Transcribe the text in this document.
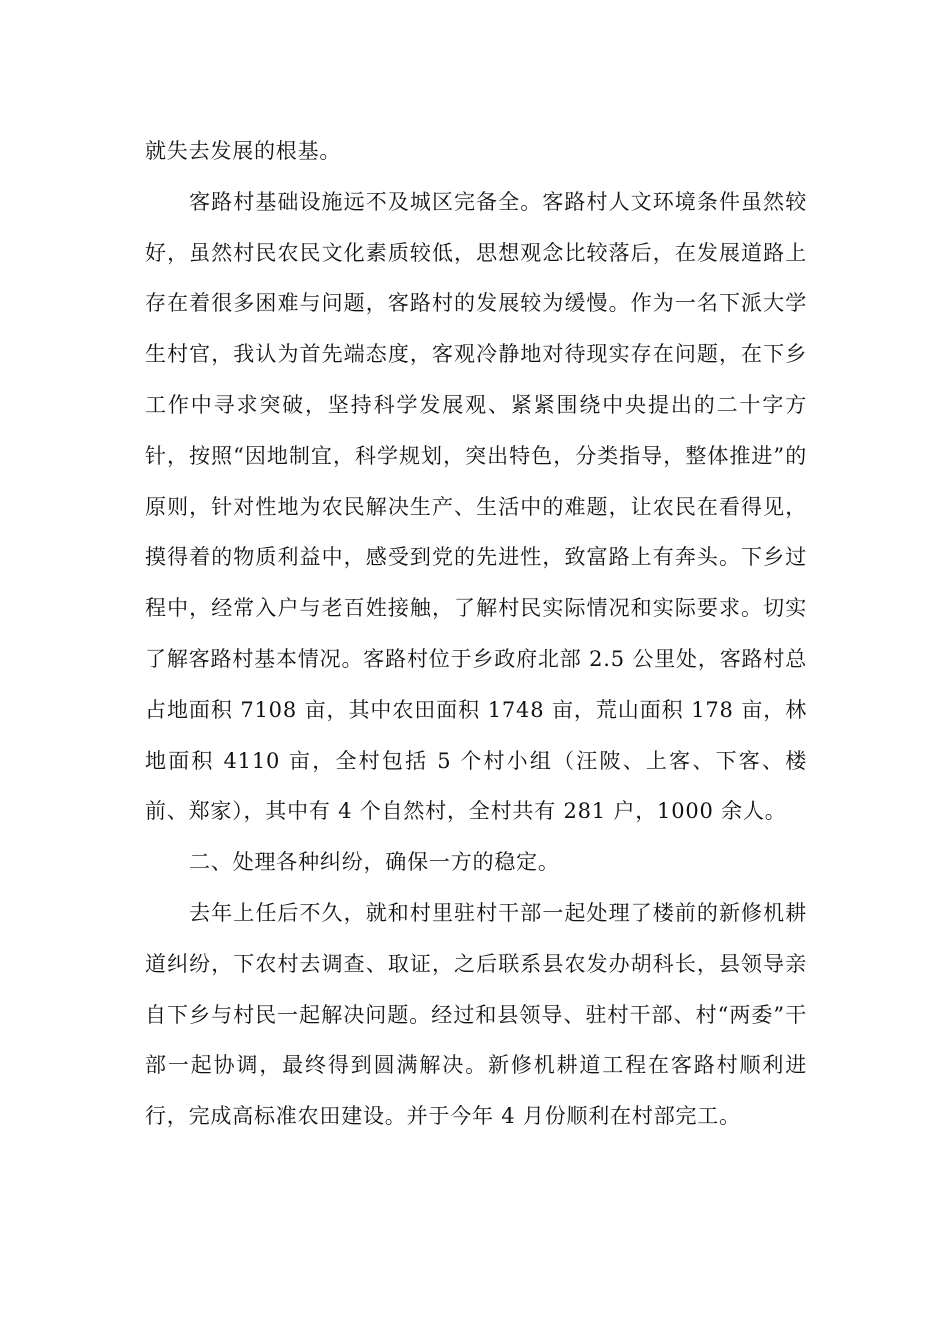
就失去发展的根基。

客路村基础设施远不及城区完备全。客路村人文环境条件虽然较好，虽然村民农民文化素质较低，思想观念比较落后，在发展道路上存在着很多困难与问题，客路村的发展较为缓慢。作为一名下派大学生村官，我认为首先端态度，客观冷静地对待现实存在问题，在下乡工作中寻求突破，坚持科学发展观、紧紧围绕中央提出的二十字方针，按照“因地制宜，科学规划，突出特色，分类指导，整体推进”的原则，针对性地为农民解决生产、生活中的难题，让农民在看得见，摸得着的物质利益中，感受到党的先进性，致富路上有奔头。下乡过程中，经常入户与老百姓接触，了解村民实际情况和实际要求。切实了解客路村基本情况。客路村位于乡政府北部 2.5 公里处，客路村总占地面积 7108 亩，其中农田面积 1748 亩，荒山面积 178 亩，林地面积 4110 亩，全村包括 5 个村小组（汪陂、上客、下客、楼前、郑家），其中有 4 个自然村，全村共有 281 户，1000 余人。

二、处理各种纠纷，确保一方的稳定。

去年上任后不久，就和村里驻村干部一起处理了楼前的新修机耕道纠纷，下农村去调查、取证，之后联系县农发办胡科长，县领导亲自下乡与村民一起解决问题。经过和县领导、驻村干部、村“两委”干部一起协调，最终得到圆满解决。新修机耕道工程在客路村顺利进行，完成高标准农田建设。并于今年 4 月份顺利在村部完工。
